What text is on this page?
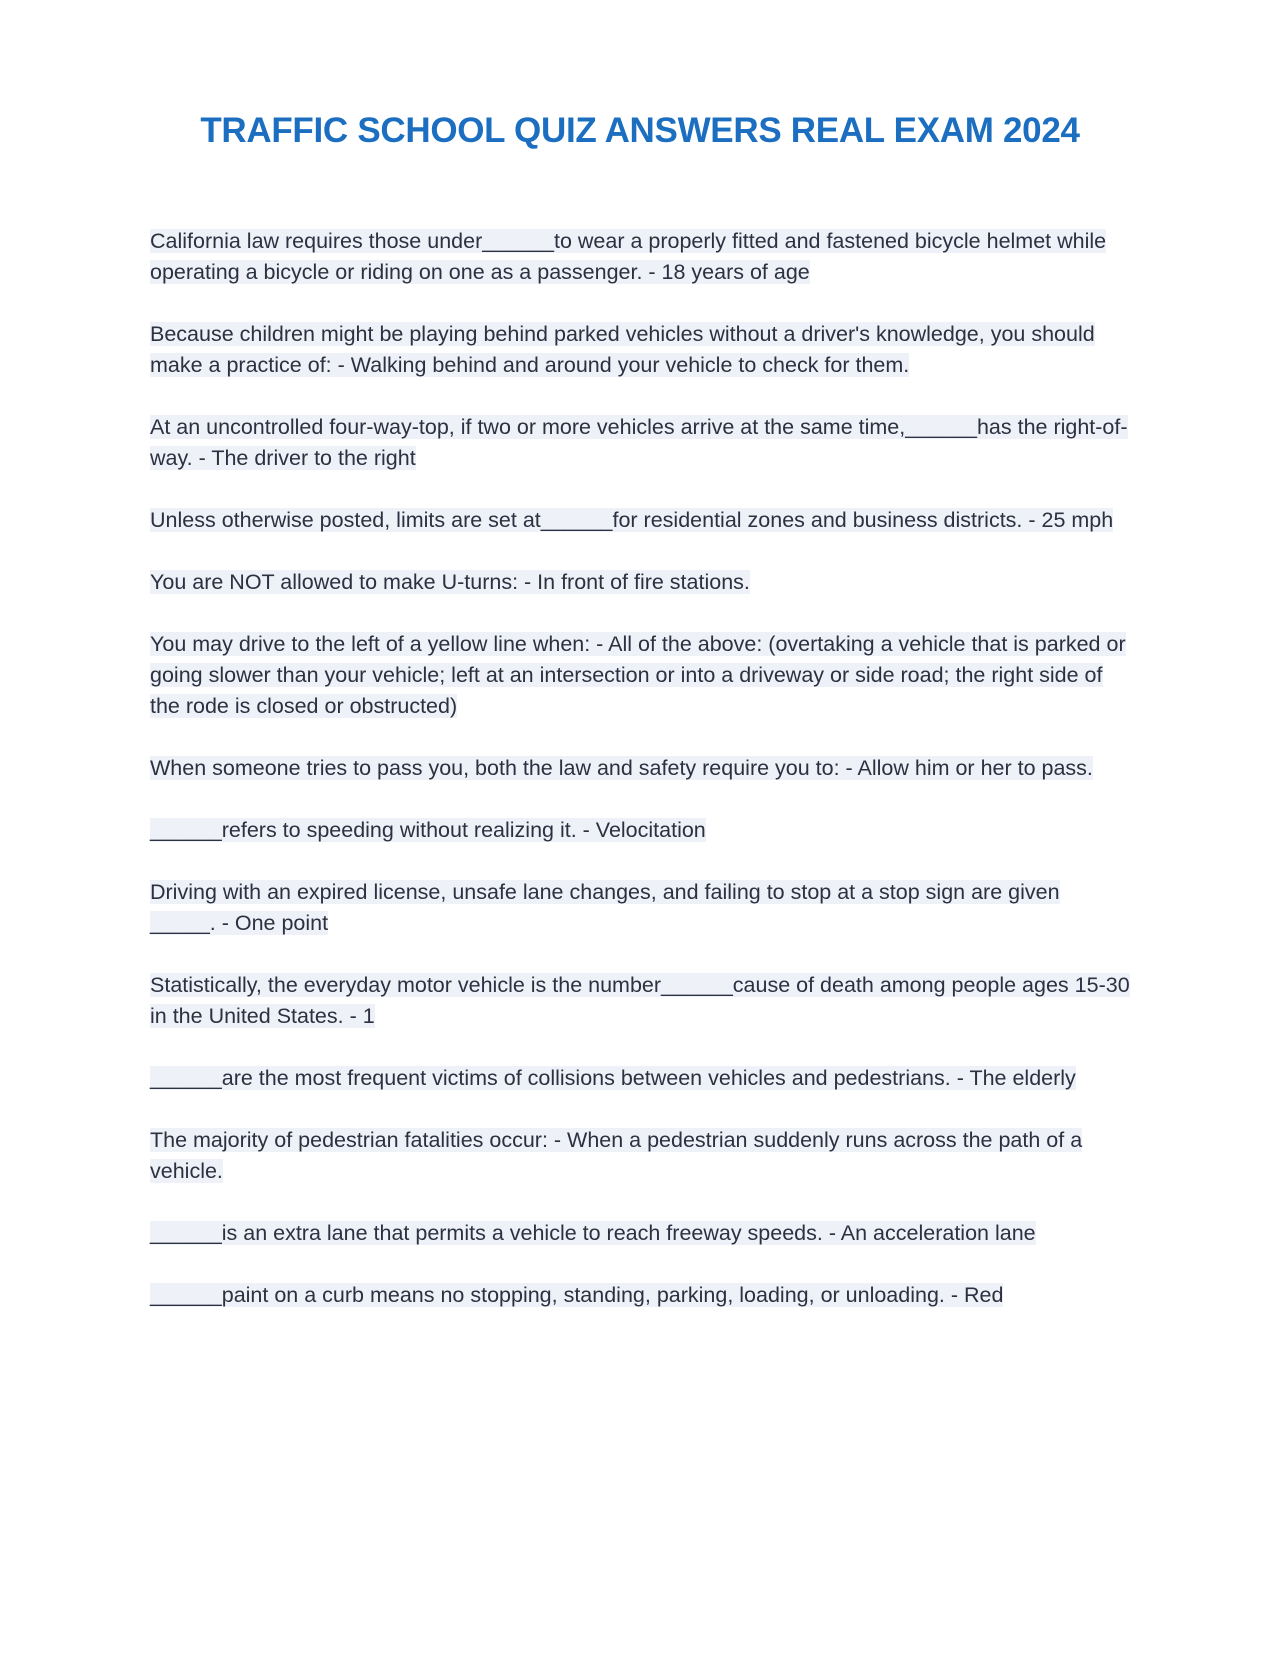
TRAFFIC SCHOOL QUIZ ANSWERS REAL EXAM 2024

California law requires those under______to wear a properly fitted and fastened bicycle helmet while operating a bicycle or riding on one as a passenger. - 18 years of age

Because children might be playing behind parked vehicles without a driver's knowledge, you should make a practice of: - Walking behind and around your vehicle to check for them.

At an uncontrolled four-way-top, if two or more vehicles arrive at the same time,______has the right-of-way. - The driver to the right

Unless otherwise posted, limits are set at______for residential zones and business districts. - 25 mph

You are NOT allowed to make U-turns: - In front of fire stations.

You may drive to the left of a yellow line when: - All of the above: (overtaking a vehicle that is parked or going slower than your vehicle; left at an intersection or into a driveway or side road; the right side of the rode is closed or obstructed)

When someone tries to pass you, both the law and safety require you to: - Allow him or her to pass.

______refers to speeding without realizing it. - Velocitation

Driving with an expired license, unsafe lane changes, and failing to stop at a stop sign are given _____. - One point

Statistically, the everyday motor vehicle is the number______cause of death among people ages 15-30 in the United States. - 1

______are the most frequent victims of collisions between vehicles and pedestrians. - The elderly

The majority of pedestrian fatalities occur: - When a pedestrian suddenly runs across the path of a vehicle.

______is an extra lane that permits a vehicle to reach freeway speeds. - An acceleration lane

______paint on a curb means no stopping, standing, parking, loading, or unloading. - Red
